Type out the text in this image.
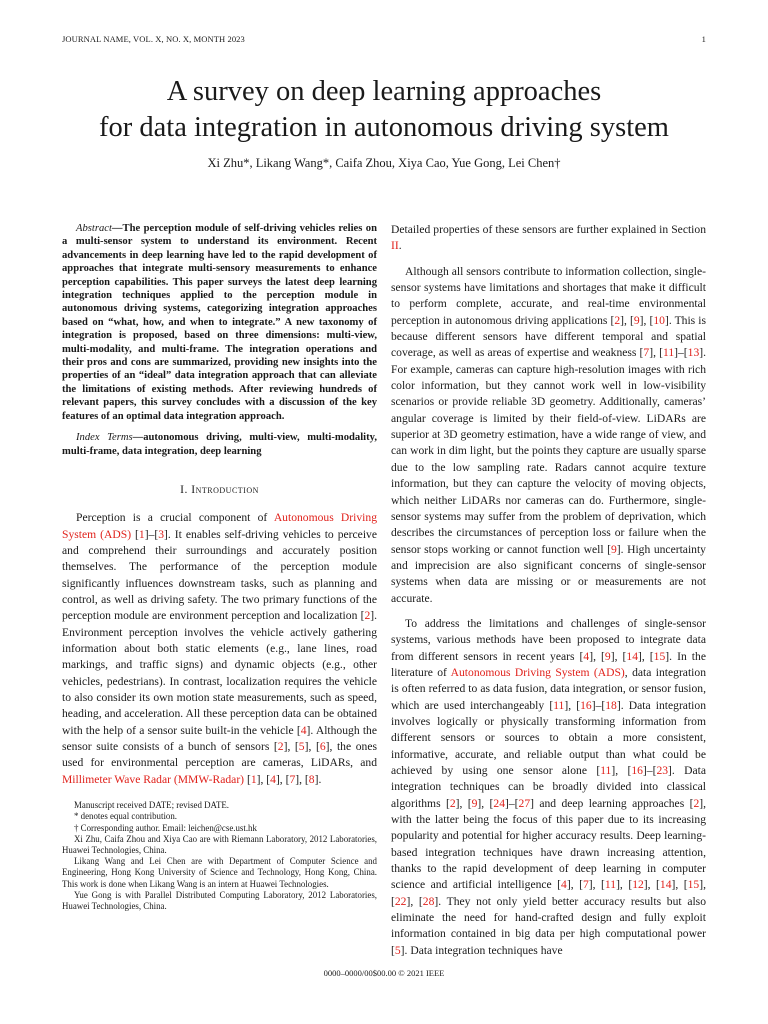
JOURNAL NAME, VOL. X, NO. X, MONTH 2023	1
A survey on deep learning approaches
for data integration in autonomous driving system
Xi Zhu*, Likang Wang*, Caifa Zhou, Xiya Cao, Yue Gong, Lei Chen†

Abstract—The perception module of self-driving vehicles relies on a multi-sensor system to understand its environment. Recent advancements in deep learning have led to the rapid development of approaches that integrate multi-sensory measurements to enhance perception capabilities. This paper surveys the latest deep learning integration techniques applied to the perception module in autonomous driving systems, categorizing integration approaches based on “what, how, and when to integrate.” A new taxonomy of integration is proposed, based on three dimensions: multi-view, multi-modality, and multi-frame. The integration operations and their pros and cons are summarized, providing new insights into the properties of an “ideal” data integration approach that can alleviate the limitations of existing methods. After reviewing hundreds of relevant papers, this survey concludes with a discussion of the key features of an optimal data integration approach.

Index Terms—autonomous driving, multi-view, multi-modality, multi-frame, data integration, deep learning

I. Introduction

Perception is a crucial component of Autonomous Driving System (ADS) [1]–[3]. It enables self-driving vehicles to perceive and comprehend their surroundings and accurately position themselves. The performance of the perception module significantly influences downstream tasks, such as planning and control, as well as driving safety. The two primary functions of the perception module are environment perception and localization [2]. Environment perception involves the vehicle actively gathering information about both static elements (e.g., lane lines, road markings, and traffic signs) and dynamic objects (e.g., other vehicles, pedestrians). In contrast, localization requires the vehicle to also consider its own motion state measurements, such as speed, heading, and acceleration. All these perception data can be obtained with the help of a sensor suite built-in the vehicle [4]. Although the sensor suite consists of a bunch of sensors [2], [5], [6], the ones used for environmental perception are cameras, LiDARs, and Millimeter Wave Radar (MMW-Radar) [1], [4], [7], [8].

Manuscript received DATE; revised DATE.

* denotes equal contribution.

† Corresponding author. Email: leichen@cse.ust.hk

Xi Zhu, Caifa Zhou and Xiya Cao are with Riemann Laboratory, 2012 Laboratories, Huawei Technologies, China.

Likang Wang and Lei Chen are with Department of Computer Science and Engineering, Hong Kong University of Science and Technology, Hong Kong, China. This work is done when Likang Wang is an intern at Huawei Technologies.

Yue Gong is with Parallel Distributed Computing Laboratory, 2012 Laboratories, Huawei Technologies, China.

Detailed properties of these sensors are further explained in Section II.

Although all sensors contribute to information collection, single-sensor systems have limitations and shortages that make it difficult to perform complete, accurate, and real-time environmental perception in autonomous driving applications [2], [9], [10]. This is because different sensors have different temporal and spatial coverage, as well as areas of expertise and weakness [7], [11]–[13]. For example, cameras can capture high-resolution images with rich color information, but they cannot work well in low-visibility scenarios or provide reliable 3D geometry. Additionally, cameras’ angular coverage is limited by their field-of-view. LiDARs are superior at 3D geometry estimation, have a wide range of view, and can work in dim light, but the points they capture are usually sparse due to the low sampling rate. Radars cannot acquire texture information, but they can capture the velocity of moving objects, which neither LiDARs nor cameras can do. Furthermore, single-sensor systems may suffer from the problem of deprivation, which describes the circumstances of perception loss or failure when the sensor stops working or cannot function well [9]. High uncertainty and imprecision are also significant concerns of single-sensor systems when data are missing or or measurements are not accurate.

To address the limitations and challenges of single-sensor systems, various methods have been proposed to integrate data from different sensors in recent years [4], [9], [14], [15]. In the literature of Autonomous Driving System (ADS), data integration is often referred to as data fusion, data integration, or sensor fusion, which are used interchangeably [11], [16]–[18]. Data integration involves logically or physically transforming information from different sensors or sources to obtain a more consistent, informative, accurate, and reliable output than what could be achieved by using one sensor alone [11], [16]–[23]. Data integration techniques can be broadly divided into classical algorithms [2], [9], [24]–[27] and deep learning approaches [2], with the latter being the focus of this paper due to its increasing popularity and potential for higher accuracy results. Deep learning-based integration techniques have drawn increasing attention, thanks to the rapid development of deep learning in computer science and artificial intelligence [4], [7], [11], [12], [14], [15], [22], [28]. They not only yield better accuracy results but also eliminate the need for hand-crafted design and fully exploit information contained in big data per high computational power [5]. Data integration techniques have

0000–0000/00$00.00 © 2021 IEEE
